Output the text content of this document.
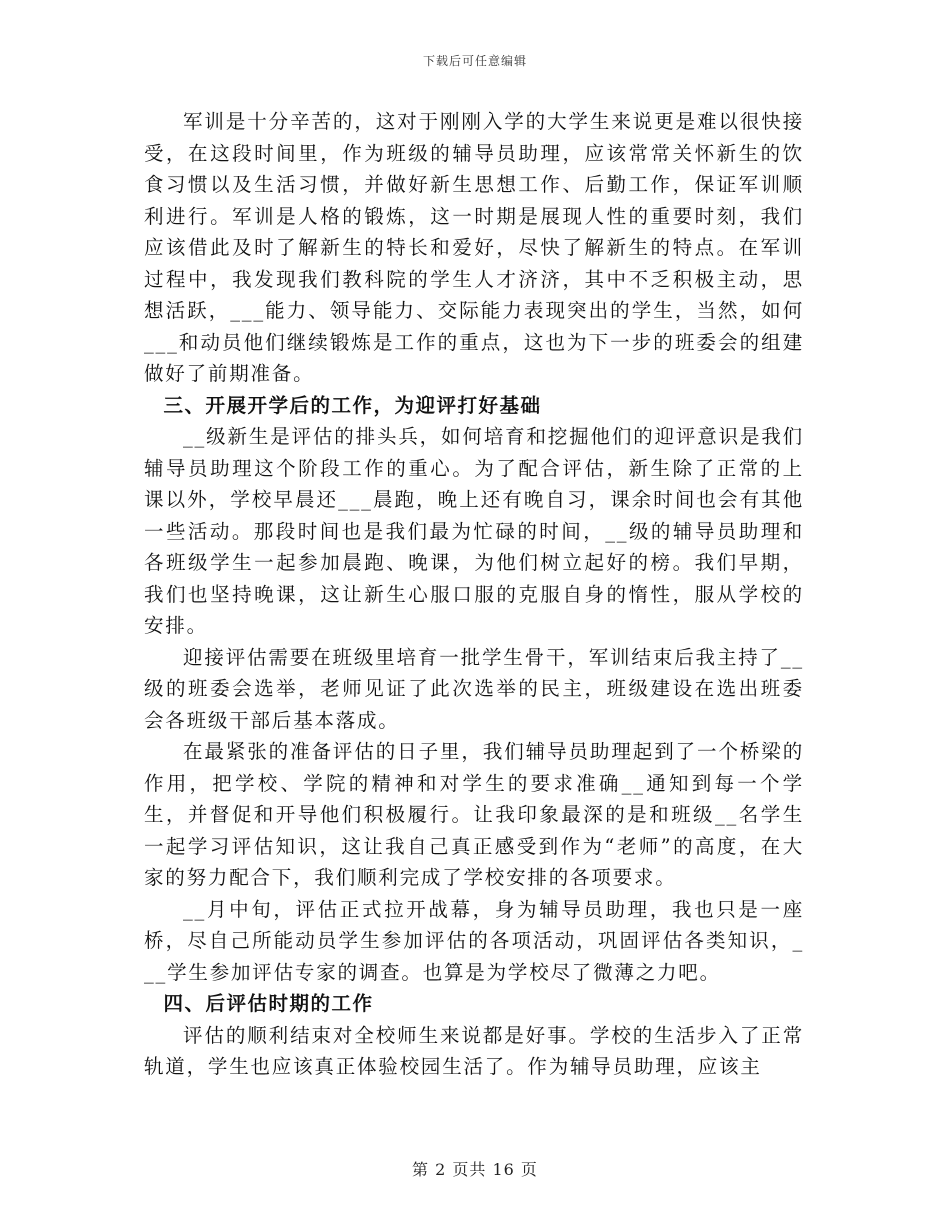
下载后可任意编辑

军训是十分辛苦的，这对于刚刚入学的大学生来说更是难以很快接受，在这段时间里，作为班级的辅导员助理，应该常常关怀新生的饮食习惯以及生活习惯，并做好新生思想工作、后勤工作，保证军训顺利进行。军训是人格的锻炼，这一时期是展现人性的重要时刻，我们应该借此及时了解新生的特长和爱好，尽快了解新生的特点。在军训过程中，我发现我们教科院的学生人才济济，其中不乏积极主动，思想活跃，___能力、领导能力、交际能力表现突出的学生，当然，如何___和动员他们继续锻炼是工作的重点，这也为下一步的班委会的组建做好了前期准备。

三、开展开学后的工作，为迎评打好基础

__级新生是评估的排头兵，如何培育和挖掘他们的迎评意识是我们辅导员助理这个阶段工作的重心。为了配合评估，新生除了正常的上课以外，学校早晨还___晨跑，晚上还有晚自习，课余时间也会有其他一些活动。那段时间也是我们最为忙碌的时间，__级的辅导员助理和各班级学生一起参加晨跑、晚课，为他们树立起好的榜。我们早期，我们也坚持晚课，这让新生心服口服的克服自身的惰性，服从学校的安排。

迎接评估需要在班级里培育一批学生骨干，军训结束后我主持了__级的班委会选举，老师见证了此次选举的民主，班级建设在选出班委会各班级干部后基本落成。

在最紧张的准备评估的日子里，我们辅导员助理起到了一个桥梁的作用，把学校、学院的精神和对学生的要求准确__通知到每一个学生，并督促和开导他们积极履行。让我印象最深的是和班级__名学生一起学习评估知识，这让我自己真正感受到作为“老师”的高度，在大家的努力配合下，我们顺利完成了学校安排的各项要求。

__月中旬，评估正式拉开战幕，身为辅导员助理，我也只是一座桥，尽自己所能动员学生参加评估的各项活动，巩固评估各类知识，___学生参加评估专家的调查。也算是为学校尽了微薄之力吧。

四、后评估时期的工作

评估的顺利结束对全校师生来说都是好事。学校的生活步入了正常轨道，学生也应该真正体验校园生活了。作为辅导员助理，应该主

第 2 页共 16 页
